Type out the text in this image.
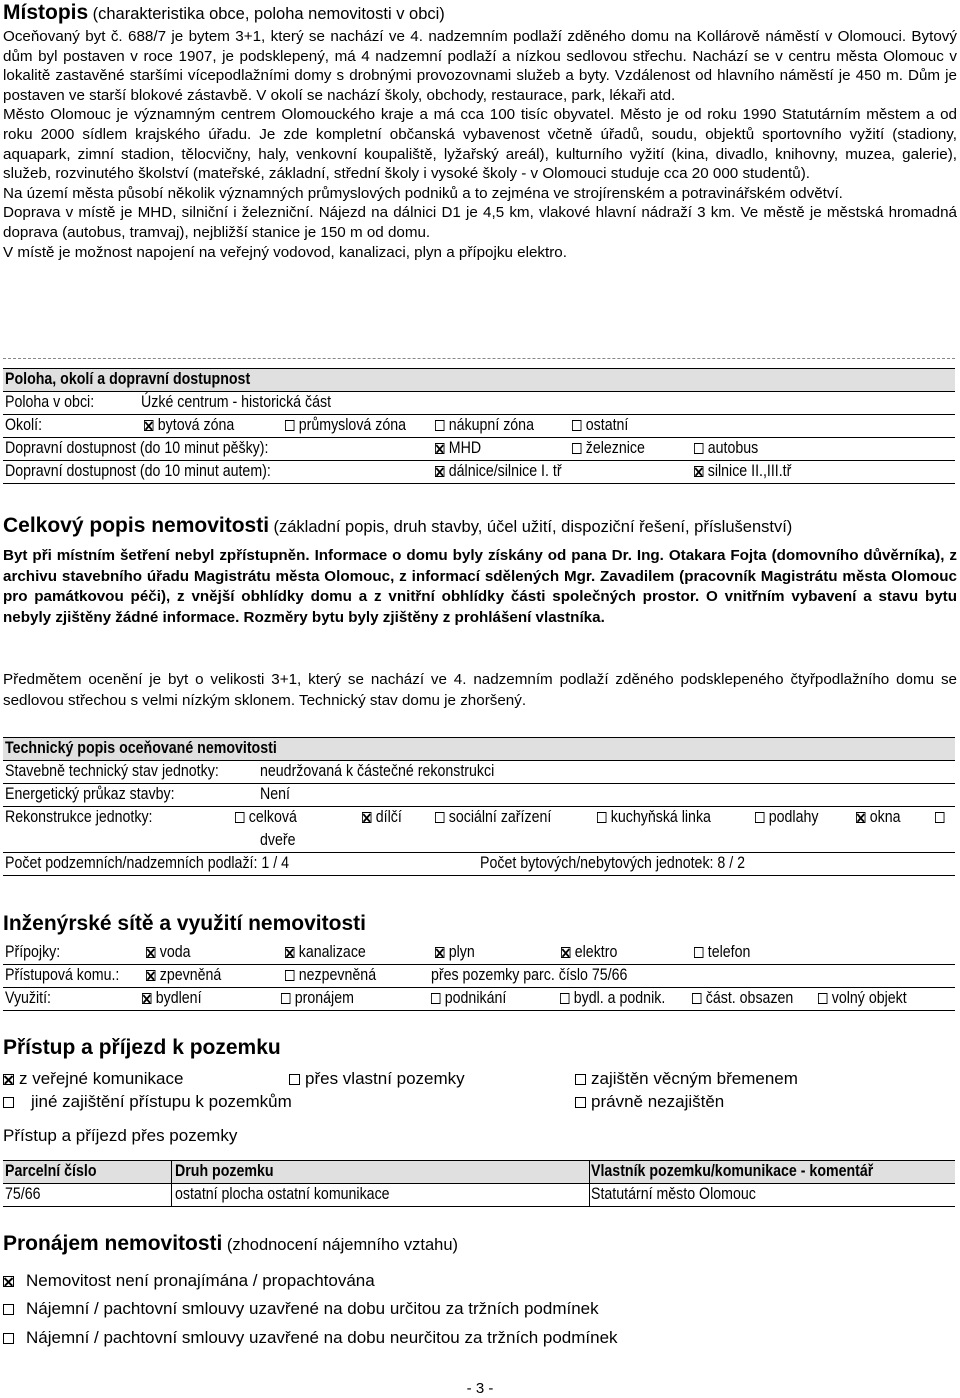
Místopis (charakteristika obce, poloha nemovitosti v obci)

Oceňovaný byt č. 688/7 je bytem 3+1, který se nachází ve 4. nadzemním podlaží zděného domu na Kollárově náměstí v Olomouci. Bytový dům byl postaven v roce 1907, je podsklepený, má 4 nadzemní podlaží a nízkou sedlovou střechu. Nachází se v centru města Olomouc v lokalitě zastavěné staršími vícepodlažními domy s drobnými provozovnami služeb a byty. Vzdálenost od hlavního náměstí je 450 m. Dům je postaven ve starší blokové zástavbě. V okolí se nachází školy, obchody, restaurace, park, lékaři atd.

Město Olomouc je významným centrem Olomouckého kraje a má cca 100 tisíc obyvatel. Město je od roku 1990 Statutárním městem a od roku 2000 sídlem krajského úřadu. Je zde kompletní občanská vybavenost včetně úřadů, soudu, objektů sportovního vyžití (stadiony, aquapark, zimní stadion, tělocvičny, haly, venkovní koupaliště, lyžařský areál), kulturního vyžití (kina, divadlo, knihovny, muzea, galerie), služeb, rozvinutého školství (mateřské, základní, střední školy i vysoké školy - v Olomouci studuje cca 20 000 studentů).

Na území města působí několik významných průmyslových podniků a to zejména ve strojírenském a potravinářském odvětví.

Doprava v místě je MHD, silniční i železniční. Nájezd na dálnici D1 je 4,5 km, vlakové hlavní nádraží 3 km. Ve městě je městská hromadná doprava (autobus, tramvaj), nejbližší stanice je 150 m od domu.

V místě je možnost napojení na veřejný vodovod, kanalizaci, plyn a přípojku elektro.

Poloha, okolí a dopravní dostupnost
Poloha v obci:	Úzké centrum - historická část
Okolí:	bytová zóna	průmyslová zóna	nákupní zóna	ostatní
Dopravní dostupnost (do 10 minut pěšky):	MHD	železnice	autobus
Dopravní dostupnost (do 10 minut autem):	dálnice/silnice I. tř	silnice II.,III.tř
Celkový popis nemovitosti (základní popis, druh stavby, účel užití, dispoziční řešení, příslušenství)
Byt při místním šetření nebyl zpřístupněn. Informace o domu byly získány od pana Dr. Ing. Otakara Fojta (domovního důvěrníka), z archivu stavebního úřadu Magistrátu města Olomouc, z informací sdělených Mgr. Zavadilem (pracovník Magistrátu města Olomouc pro památkovou péči), z vnější obhlídky domu a z vnitřní obhlídky části společných prostor. O vnitřním vybavení a stavu bytu nebyly zjištěny žádné informace. Rozměry bytu byly zjištěny z prohlášení vlastníka.
Předmětem ocenění je byt o velikosti 3+1, který se nachází ve 4. nadzemním podlaží zděného podsklepeného čtyřpodlažního domu se sedlovou střechou s velmi nízkým sklonem. Technický stav domu je zhoršený.
Technický popis oceňované nemovitosti
Stavebně technický stav jednotky: neudržovaná k částečné rekonstrukci
Energetický průkaz stavby:	Není
Rekonstrukce jednotky:	celková	dílčí	sociální zařízení	kuchyňská linka	podlahy	okna
dveře
Počet podzemních/nadzemních podlaží: 1 / 4	Počet bytových/nebytových jednotek: 8 / 2
Inženýrské sítě a využití nemovitosti
Přípojky:	voda	kanalizace	plyn	elektro	telefon
Přístupová komu.:	zpevněná	nezpevněná	přes pozemky parc. číslo 75/66
Využití:	bydlení	pronájem	podnikání	bydl. a podnik.	část. obsazen	volný objekt
Přístup a příjezd k pozemku
z veřejné komunikace	přes vlastní pozemky	zajištěn věcným břemenem
jiné zajištění přístupu k pozemkům	právně nezajištěn
Přístup a příjezd přes pozemky
Parcelní číslo	Druh pozemku	Vlastník pozemku/komunikace - komentář
75/66	ostatní plocha ostatní komunikace	Statutární město Olomouc
Pronájem nemovitosti (zhodnocení nájemního vztahu)
Nemovitost není pronajímána / propachtována
Nájemní / pachtovní smlouvy uzavřené na dobu určitou za tržních podmínek
Nájemní / pachtovní smlouvy uzavřené na dobu neurčitou za tržních podmínek
- 3 -
